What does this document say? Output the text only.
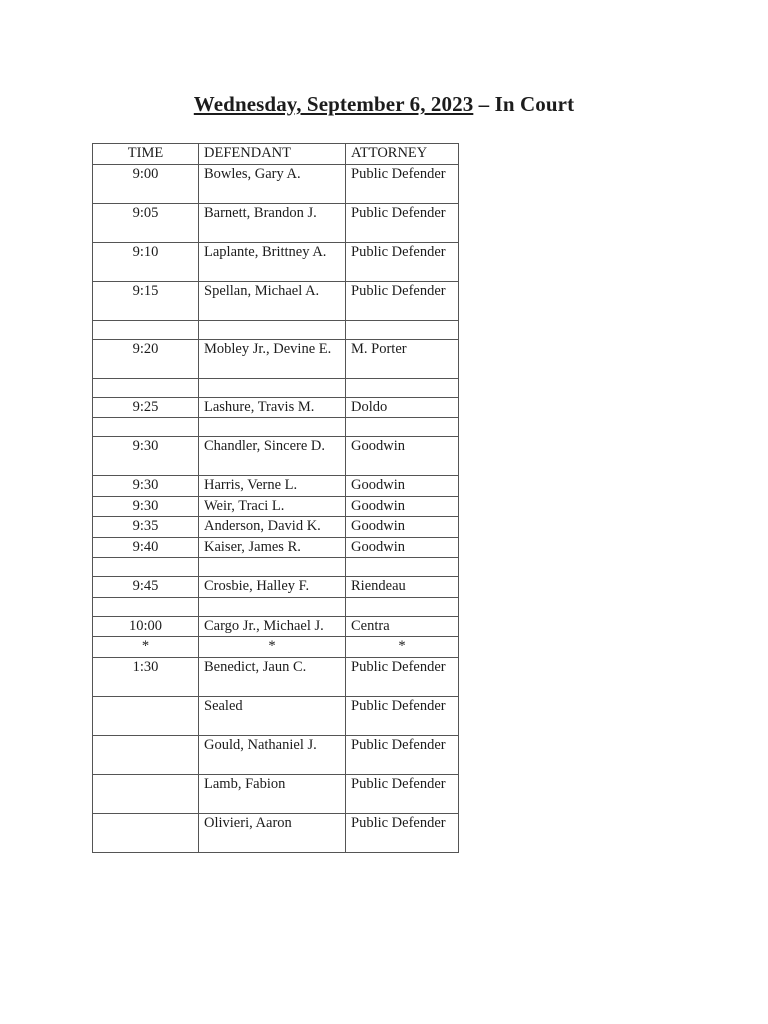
Wednesday, September 6, 2023 – In Court
TIME	DEFENDANT	ATTORNEY
9:00	Bowles, Gary A.	Public Defender
9:05	Barnett, Brandon J.	Public Defender
9:10	Laplante, Brittney A.	Public Defender
9:15	Spellan, Michael A.	Public Defender

9:20	Mobley Jr., Devine E.	M. Porter

9:25	Lashure, Travis M.	Doldo

9:30	Chandler, Sincere D.	Goodwin
9:30	Harris, Verne L.	Goodwin
9:30	Weir, Traci L.	Goodwin
9:35	Anderson, David K.	Goodwin
9:40	Kaiser, James R.	Goodwin

9:45	Crosbie, Halley F.	Riendeau

10:00	Cargo Jr., Michael J.	Centra
*	*	*
1:30	Benedict, Jaun C.	Public Defender
	Sealed	Public Defender
	Gould, Nathaniel J.	Public Defender
	Lamb, Fabion	Public Defender
	Olivieri, Aaron	Public Defender
